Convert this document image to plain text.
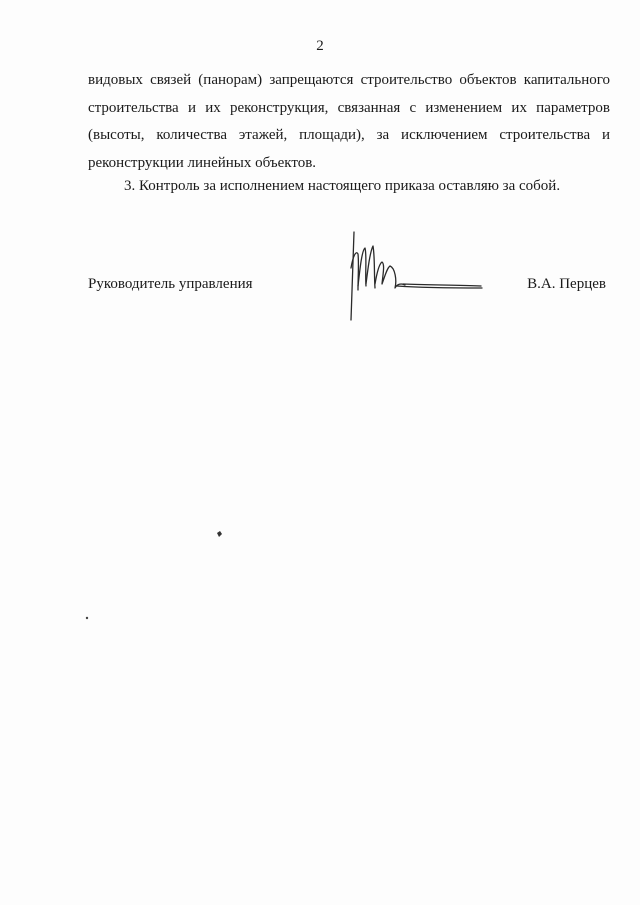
2

видовых связей (панорам) запрещаются строительство объектов капитального строительства и их реконструкция, связанная с изменением их параметров (высоты, количества этажей, площади), за исключением строительства и реконструкции линейных объектов.

3. Контроль за исполнением настоящего приказа оставляю за собой.

Руководитель управления	В.А. Перцев
